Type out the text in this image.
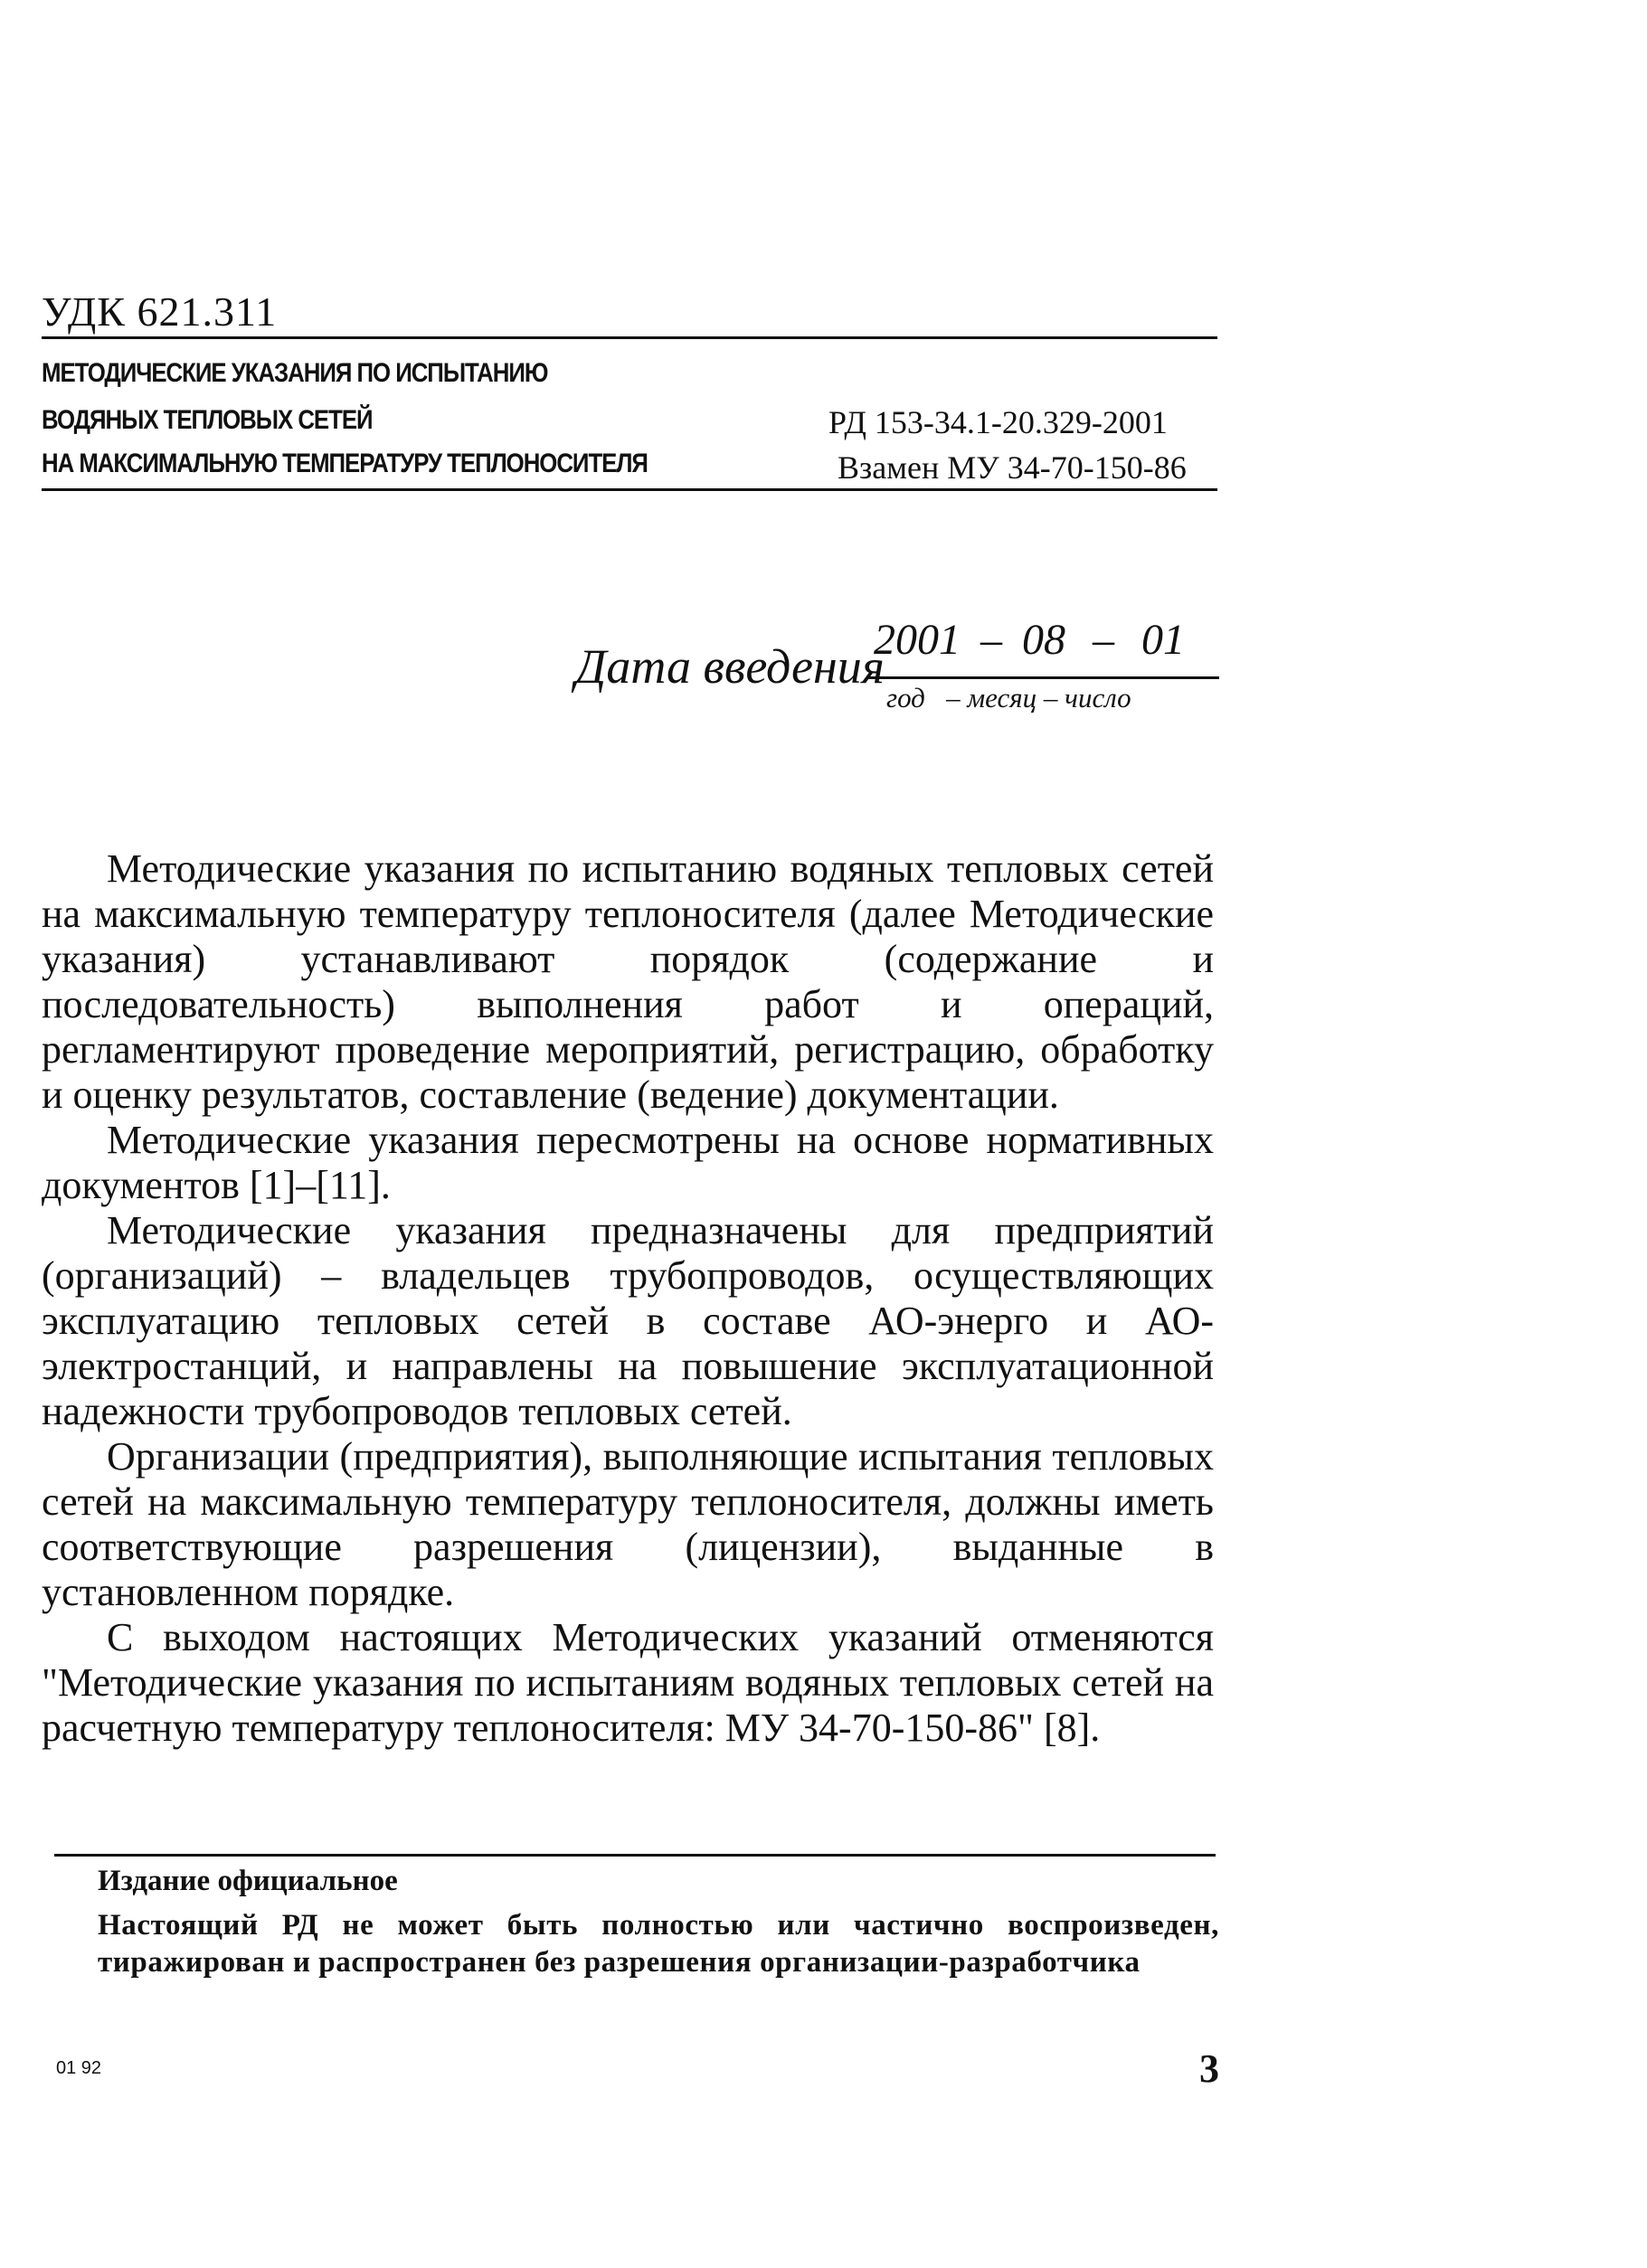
УДК 621.311
МЕТОДИЧЕСКИЕ УКАЗАНИЯ ПО ИСПЫТАНИЮ
ВОДЯНЫХ ТЕПЛОВЫХ СЕТЕЙ
НА МАКСИМАЛЬНУЮ ТЕМПЕРАТУРУ ТЕПЛОНОСИТЕЛЯ
РД 153-34.1-20.329-2001
Взамен МУ 34-70-150-86
Дата введения
2001 – 08 – 01
год   – месяц – число

Методические указания по испытанию водяных тепловых сетей на максимальную температуру теплоносителя (далее Методические указания) устанавливают порядок (содержание и последовательность) выполнения работ и операций, регламентируют проведение мероприятий, регистрацию, обработку и оценку результатов, составление (ведение) документации.

Методические указания пересмотрены на основе нормативных документов [1]–[11].

Методические указания предназначены для предприятий (организаций) – владельцев трубопроводов, осуществляющих эксплуатацию тепловых сетей в составе АО-энерго и АО-электростанций, и направлены на повышение эксплуатационной надежности трубопроводов тепловых сетей.

Организации (предприятия), выполняющие испытания тепловых сетей на максимальную температуру теплоносителя, должны иметь соответствующие разрешения (лицензии), выданные в установленном порядке.

С выходом настоящих Методических указаний отменяются "Методические указания по испытаниям водяных тепловых сетей на расчетную температуру теплоносителя: МУ 34-70-150-86" [8].

Издание официальное
Настоящий РД не может быть полностью или частично воспроизведен, тиражирован и распространен без разрешения организации-разработчика
01 92	3
